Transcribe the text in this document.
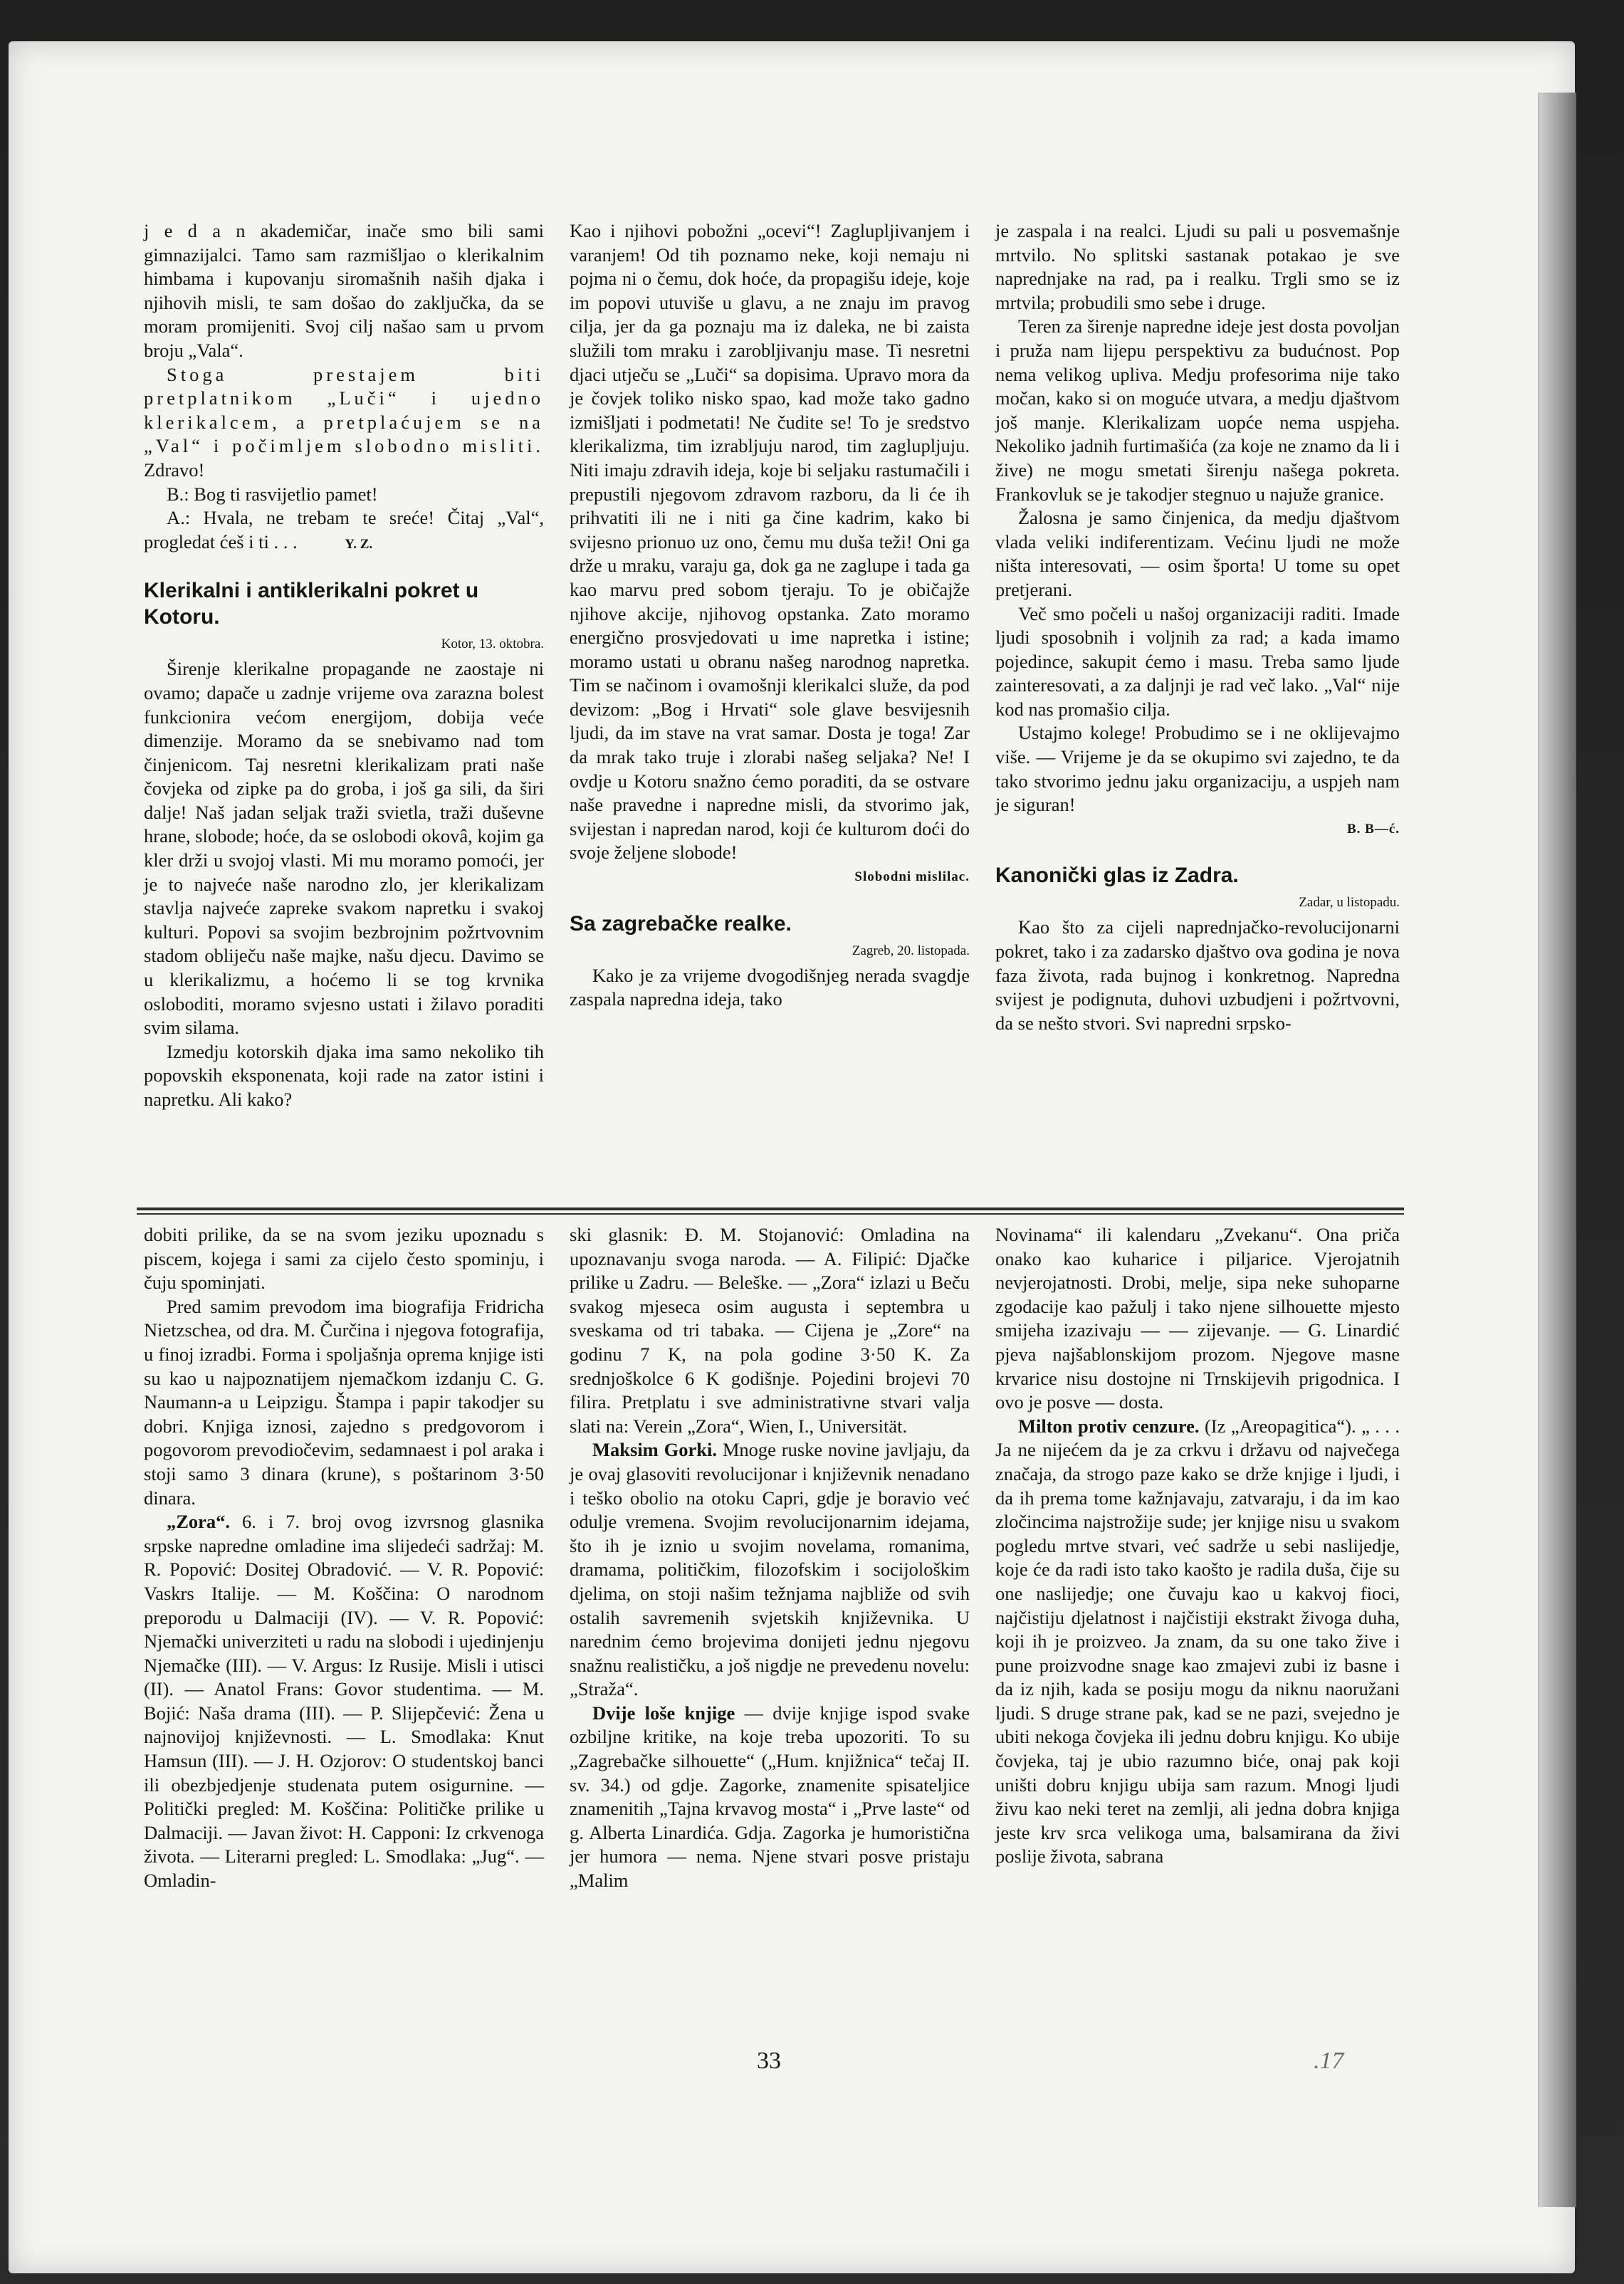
j e d a n akademičar, inače smo bili sami gimnazijalci. Tamo sam razmišljao o klerikalnim himbama i kupovanju siromašnih naših djaka i njihovih misli, te sam došao do zaključka, da se moram promijeniti. Svoj cilj našao sam u prvom broju „Vala“.

Stoga prestajem biti pretplatnikom „Luči“ i ujedno klerikalcem, a pretplaćujem se na „Val“ i počimljem slobodno misliti. Zdravo!

B.: Bog ti rasvijetlio pamet!

A.: Hvala, ne trebam te sreće! Čitaj „Val“, progledat ćeš i ti . . .	Y. Z.

Klerikalni i antiklerikalni pokret u Kotoru.
Kotor, 13. oktobra.

Širenje klerikalne propagande ne zaostaje ni ovamo; dapače u zadnje vrijeme ova zarazna bolest funkcionira većom energijom, dobija veće dimenzije. Moramo da se snebivamo nad tom činjenicom. Taj nesretni klerikalizam prati naše čovjeka od zipke pa do groba, i još ga sili, da širi dalje! Naš jadan seljak traži svietla, traži duševne hrane, slobode; hoće, da se oslobodi okovâ, kojim ga kler drži u svojoj vlasti. Mi mu moramo pomoći, jer je to najveće naše narodno zlo, jer klerikalizam stavlja najveće zapreke svakom napretku i svakoj kulturi. Popovi sa svojim bezbrojnim požrtvovnim stadom obliječu naše majke, našu djecu. Davimo se u klerikalizmu, a hoćemo li se tog krvnika osloboditi, moramo svjesno ustati i žilavo poraditi svim silama.

Izmedju kotorskih djaka ima samo nekoliko tih popovskih eksponenata, koji rade na zator istini i napretku. Ali kako?

Kao i njihovi pobožni „ocevi“! Zaglupljivanjem i varanjem! Od tih poznamo neke, koji nemaju ni pojma ni o čemu, dok hoće, da propagišu ideje, koje im popovi utuviše u glavu, a ne znaju im pravog cilja, jer da ga poznaju ma iz daleka, ne bi zaista služili tom mraku i zarobljivanju mase. Ti nesretni djaci utječu se „Luči“ sa dopisima. Upravo mora da je čovjek toliko nisko spao, kad može tako gadno izmišljati i podmetati! Ne čudite se! To je sredstvo klerikalizma, tim izrabljuju narod, tim zaglupljuju. Niti imaju zdravih ideja, koje bi seljaku rastumačili i prepustili njegovom zdravom razboru, da li će ih prihvatiti ili ne i niti ga čine kadrim, kako bi svijesno prionuo uz ono, čemu mu duša teži! Oni ga drže u mraku, varaju ga, dok ga ne zaglupe i tada ga kao marvu pred sobom tjeraju. To je običajže njihove akcije, njihovog opstanka. Zato moramo energično prosvjedovati u ime napretka i istine; moramo ustati u obranu našeg narodnog napretka. Tim se načinom i ovamošnji klerikalci služe, da pod devizom: „Bog i Hrvati“ sole glave besvijesnih ljudi, da im stave na vrat samar. Dosta je toga! Zar da mrak tako truje i zlorabi našeg seljaka? Ne! I ovdje u Kotoru snažno ćemo poraditi, da se ostvare naše pravedne i napredne misli, da stvorimo jak, svijestan i napredan narod, koji će kulturom doći do svoje željene slobode!

Slobodni mislilac.
Sa zagrebačke realke.
Zagreb, 20. listopada.

Kako je za vrijeme dvogodišnjeg nerada svagdje zaspala napredna ideja, tako

je zaspala i na realci. Ljudi su pali u posvemašnje mrtvilo. No splitski sastanak potakao je sve naprednjake na rad, pa i realku. Trgli smo se iz mrtvila; probudili smo sebe i druge.

Teren za širenje napredne ideje jest dosta povoljan i pruža nam lijepu perspektivu za budućnost. Pop nema velikog upliva. Medju profesorima nije tako močan, kako si on moguće utvara, a medju djaštvom još manje. Klerikalizam uopće nema uspjeha. Nekoliko jadnih furtimašića (za koje ne znamo da li i žive) ne mogu smetati širenju našega pokreta. Frankovluk se je takodjer stegnuo u najuže granice.

Žalosna je samo činjenica, da medju djaštvom vlada veliki indiferentizam. Većinu ljudi ne može ništa interesovati, — osim športa! U tome su opet pretjerani.

Več smo počeli u našoj organizaciji raditi. Imade ljudi sposobnih i voljnih za rad; a kada imamo pojedince, sakupit ćemo i masu. Treba samo ljude zainteresovati, a za daljnji je rad več lako. „Val“ nije kod nas promašio cilja.

Ustajmo kolege! Probudimo se i ne oklijevajmo više. — Vrijeme je da se okupimo svi zajedno, te da tako stvorimo jednu jaku organizaciju, a uspjeh nam je siguran!

B. B—ć.
Kanonički glas iz Zadra.
Zadar, u listopadu.

Kao što za cijeli naprednjačko-revolucijonarni pokret, tako i za zadarsko djaštvo ova godina je nova faza života, rada bujnog i konkretnog. Napredna svijest je podignuta, duhovi uzbudjeni i požrtvovni, da se nešto stvori. Svi napredni srpsko-

dobiti prilike, da se na svom jeziku upoznadu s piscem, kojega i sami za cijelo često spominju, i čuju spominjati.

Pred samim prevodom ima biografija Fridricha Nietzschea, od dra. M. Čurčina i njegova fotografija, u finoj izradbi. Forma i spoljašnja oprema knjige isti su kao u najpoznatijem njemačkom izdanju C. G. Naumann-a u Leipzigu. Štampa i papir takodjer su dobri. Knjiga iznosi, zajedno s predgovorom i pogovorom prevodiočevim, sedamnaest i pol araka i stoji samo 3 dinara (krune), s poštarinom 3·50 dinara.

„Zora“. 6. i 7. broj ovog izvrsnog glasnika srpske napredne omladine ima slijedeći sadržaj: M. R. Popović: Dositej Obradović. — V. R. Popović: Vaskrs Italije. — M. Koščina: O narodnom preporodu u Dalmaciji (IV). — V. R. Popović: Njemački univerziteti u radu na slobodi i ujedinjenju Njemačke (III). — V. Argus: Iz Rusije. Misli i utisci (II). — Anatol Frans: Govor studentima. — M. Bojić: Naša drama (III). — P. Slijepčević: Žena u najnovijoj književnosti. — L. Smodlaka: Knut Hamsun (III). — J. H. Ozjorov: O studentskoj banci ili obezbjedjenje studenata putem osigurnine. — Politički pregled: M. Koščina: Političke prilike u Dalmaciji. — Javan život: H. Capponi: Iz crkvenoga života. — Literarni pregled: L. Smodlaka: „Jug“. — Omladin-

ski glasnik: Đ. M. Stojanović: Omladina na upoznavanju svoga naroda. — A. Filipić: Djačke prilike u Zadru. — Beleške. — „Zora“ izlazi u Beču svakog mjeseca osim augusta i septembra u sveskama od tri tabaka. — Cijena je „Zore“ na godinu 7 K, na pola godine 3·50 K. Za srednjoškolce 6 K godišnje. Pojedini brojevi 70 filira. Pretplatu i sve administrativne stvari valja slati na: Verein „Zora“, Wien, I., Universität.

Maksim Gorki. Mnoge ruske novine javljaju, da je ovaj glasoviti revolucijonar i književnik nenadano i teško obolio na otoku Capri, gdje je boravio već odulje vremena. Svojim revolucijonarnim idejama, što ih je iznio u svojim novelama, romanima, dramama, političkim, filozofskim i socijološkim djelima, on stoji našim težnjama najbliže od svih ostalih savremenih svjetskih književnika. U narednim ćemo brojevima donijeti jednu njegovu snažnu realističku, a još nigdje ne prevedenu novelu: „Straža“.

Dvije loše knjige — dvije knjige ispod svake ozbiljne kritike, na koje treba upozoriti. To su „Zagrebačke silhouette“ („Hum. knjižnica“ tečaj II. sv. 34.) od gdje. Zagorke, znamenite spisateljice znamenitih „Tajna krvavog mosta“ i „Prve laste“ od g. Alberta Linardića. Gdja. Zagorka je humoristična jer humora — nema. Njene stvari posve pristaju „Malim

Novinama“ ili kalendaru „Zvekanu“. Ona priča onako kao kuharice i piljarice. Vjerojatnih nevjerojatnosti. Drobi, melje, sipa neke suhoparne zgodacije kao pažulj i tako njene silhouette mjesto smijeha izazivaju — — zijevanje. — G. Linardić pjeva najšablonskijom prozom. Njegove masne krvarice nisu dostojne ni Trnskijevih prigodnica. I ovo je posve — dosta.

Milton protiv cenzure. (Iz „Areopagitica“). „ . . . Ja ne nijećem da je za crkvu i državu od največega značaja, da strogo paze kako se drže knjige i ljudi, i da ih prema tome kažnjavaju, zatvaraju, i da im kao zločincima najstrožije sude; jer knjige nisu u svakom pogledu mrtve stvari, već sadrže u sebi naslijedje, koje će da radi isto tako kaošto je radila duša, čije su one naslijedje; one čuvaju kao u kakvoj fioci, najčistiju djelatnost i najčistiji ekstrakt živoga duha, koji ih je proizveo. Ja znam, da su one tako žive i pune proizvodne snage kao zmajevi zubi iz basne i da iz njih, kada se posiju mogu da niknu naoružani ljudi. S druge strane pak, kad se ne pazi, svejedno je ubiti nekoga čovjeka ili jednu dobru knjigu. Ko ubije čovjeka, taj je ubio razumno biće, onaj pak koji uništi dobru knjigu ubija sam razum. Mnogi ljudi živu kao neki teret na zemlji, ali jedna dobra knjiga jeste krv srca velikoga uma, balsamirana da živi poslije života, sabrana

33	.17
